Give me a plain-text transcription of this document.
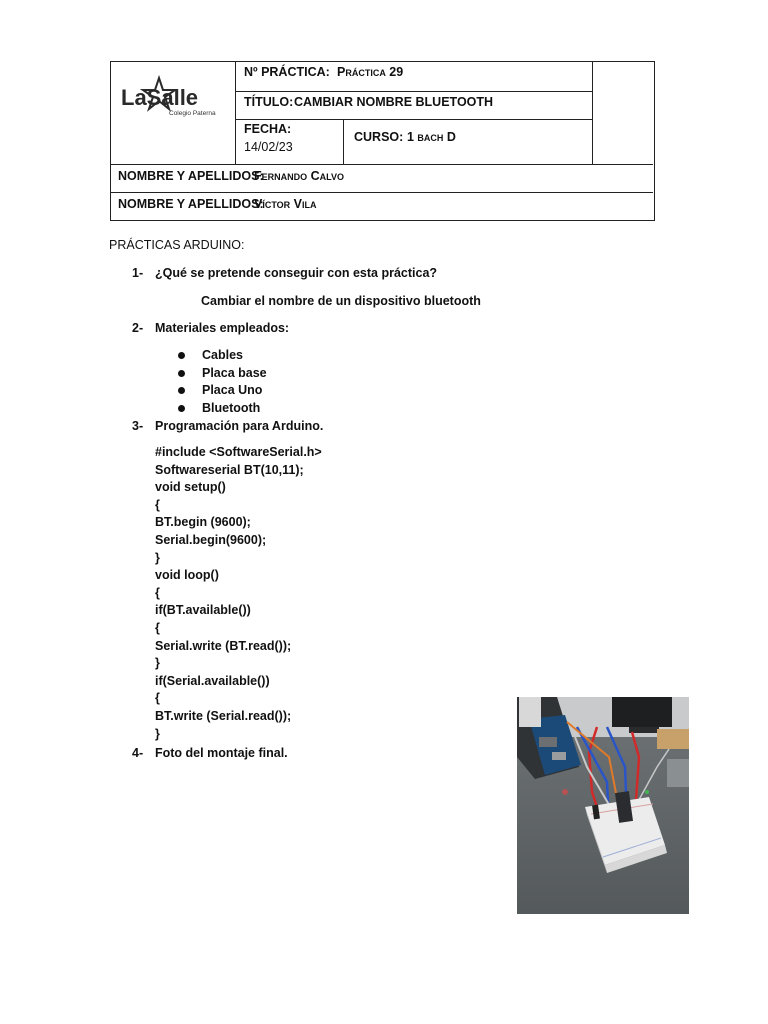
LaSalle
Colegio Paterna
Nº PRÁCTICA: Práctica 29
TÍTULO: CAMBIAR NOMBRE BLUETOOTH
FECHA:
14/02/23
CURSO: 1 bach D
NOMBRE Y APELLIDOS:
Fernando Calvo
NOMBRE Y APELLIDOS:
Víctor Vila
PRÁCTICAS ARDUINO:
1- ¿Qué se pretende conseguir con esta práctica?
Cambiar el nombre de un dispositivo bluetooth
2- Materiales empleados:
Cables
Placa base
Placa Uno
Bluetooth
3- Programación para Arduino.
#include <SoftwareSerial.h>
Softwareserial BT(10,11);
void setup()
{
BT.begin (9600);
Serial.begin(9600);
}
void loop()
{
if(BT.available())
{
Serial.write (BT.read());
}
if(Serial.available())
{
BT.write (Serial.read());
}
4- Foto del montaje final.
